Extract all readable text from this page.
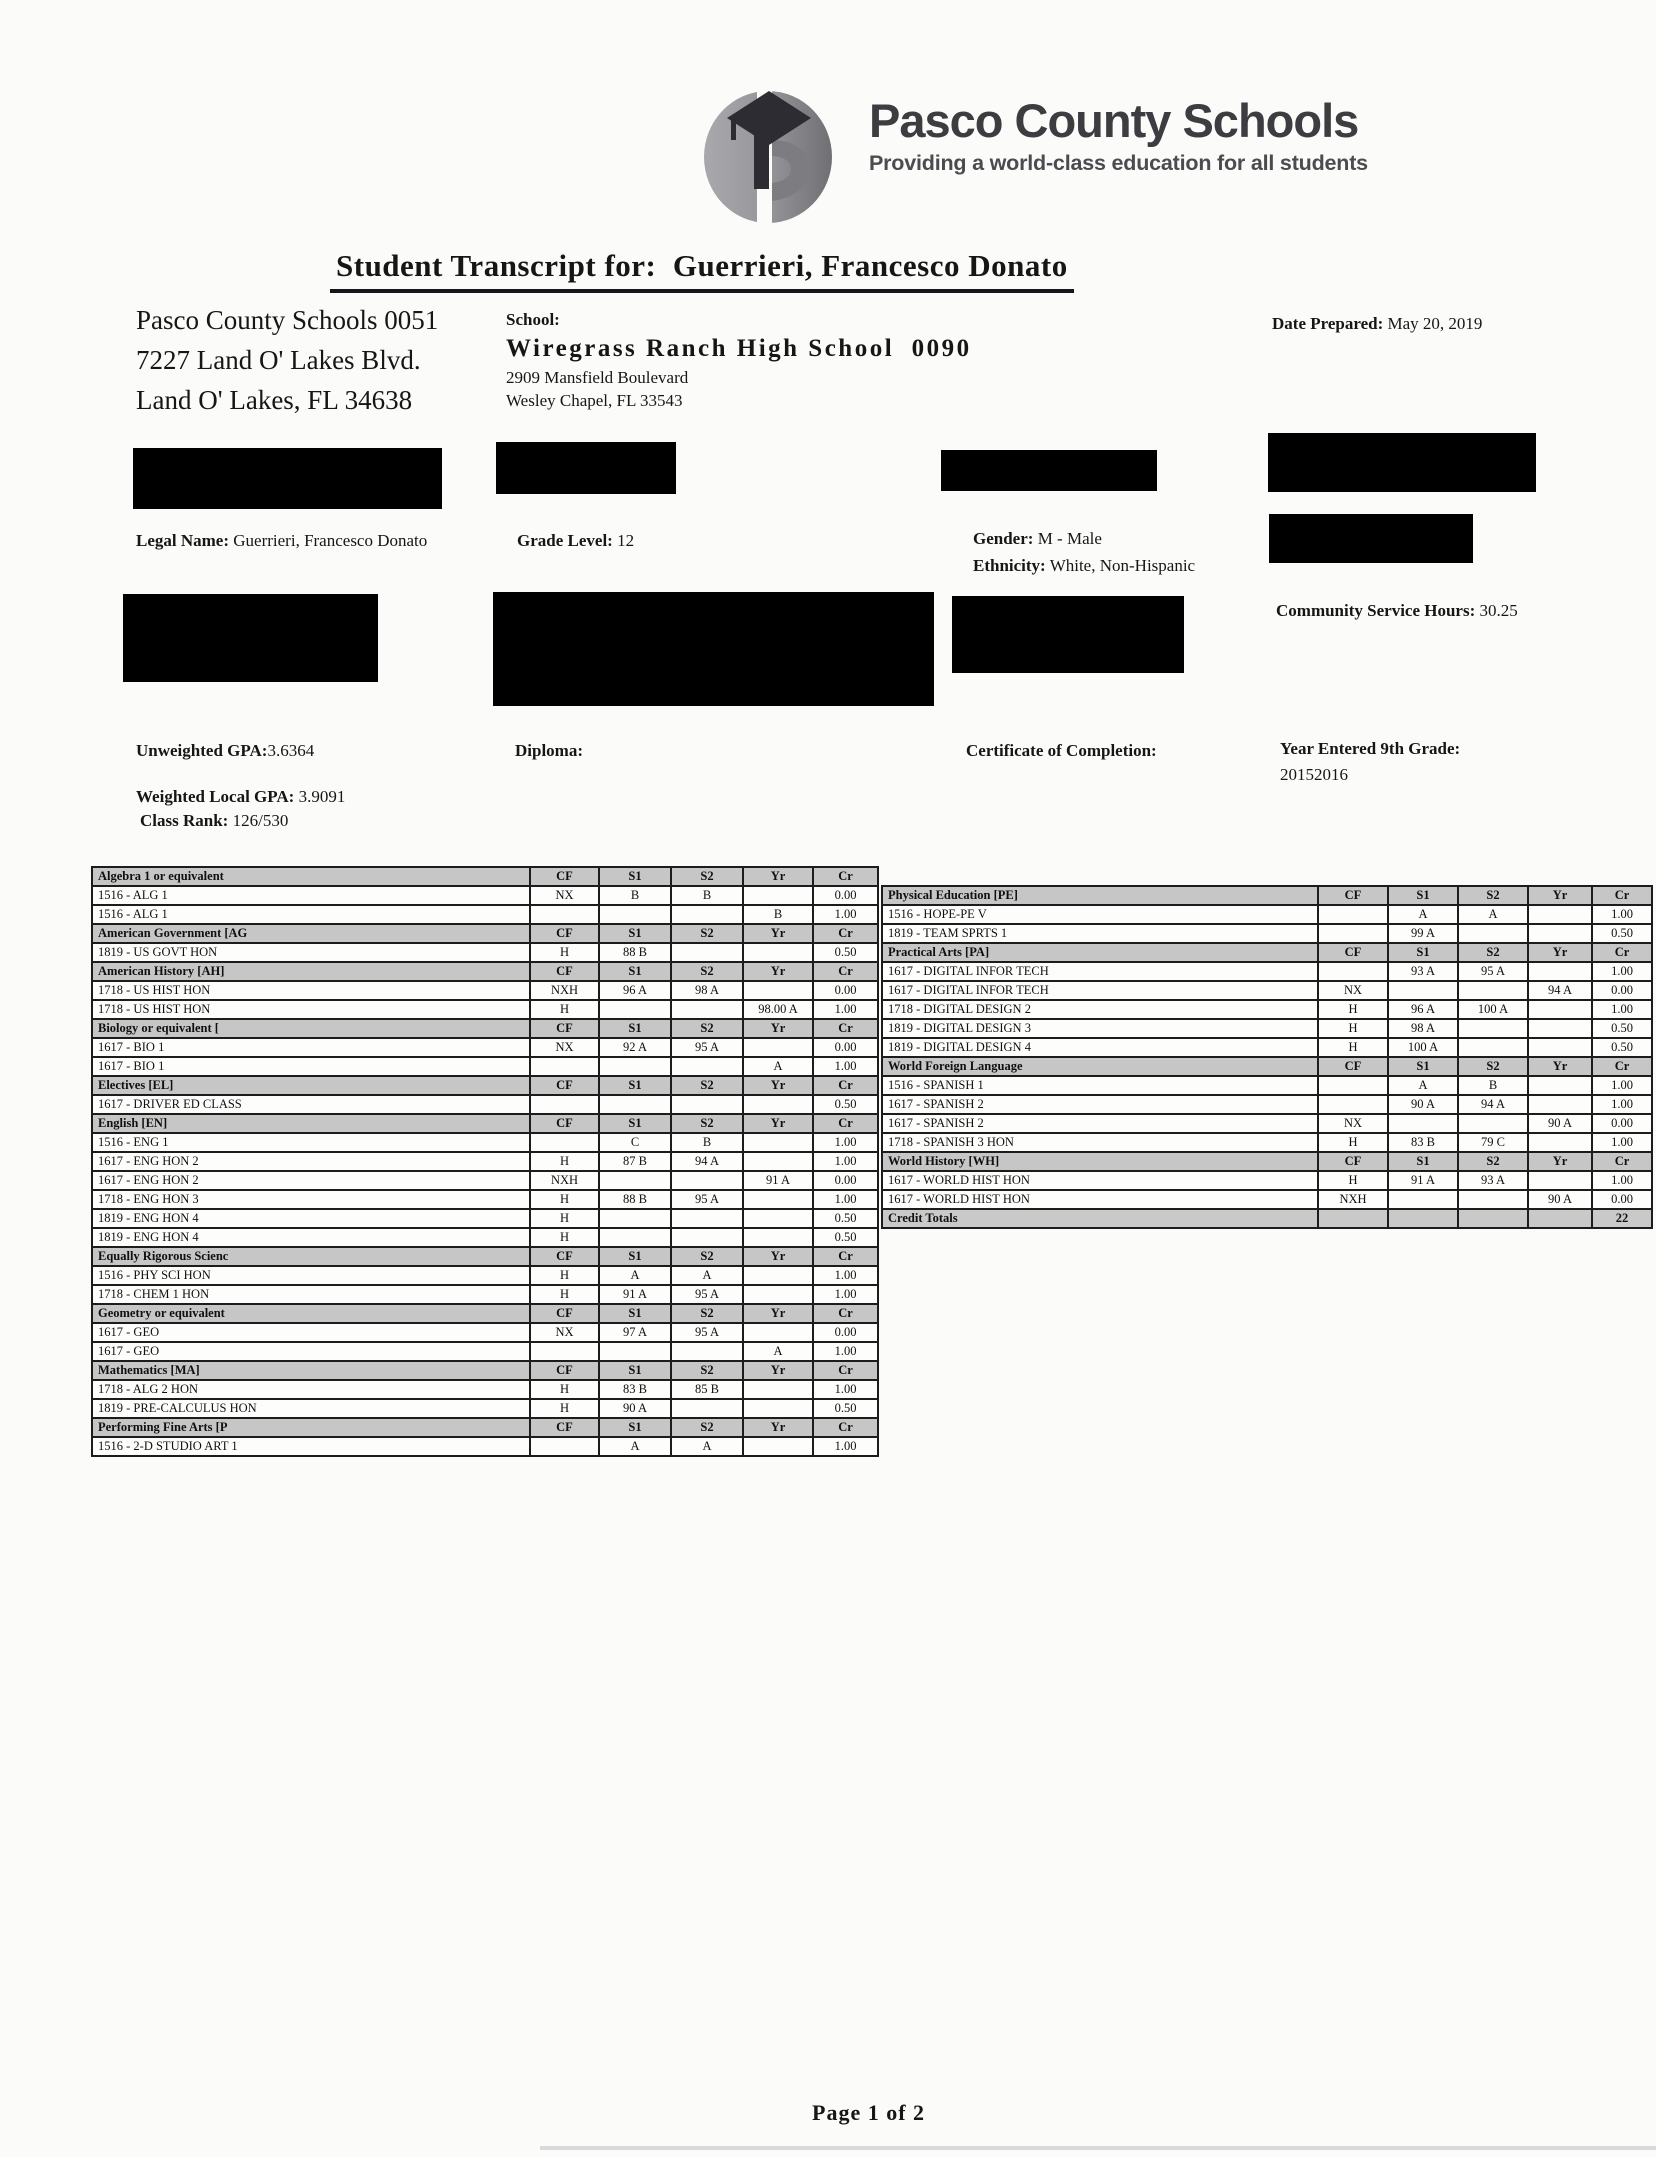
Pasco County Schools
Providing a world-class education for all students
Student Transcript for:  Guerrieri, Francesco Donato
Pasco County Schools 0051
7227 Land O' Lakes Blvd.
Land O' Lakes, FL 34638
School:
Wiregrass Ranch High School  0090
2909 Mansfield Boulevard
Wesley Chapel, FL 33543
Date Prepared: May 20, 2019
Legal Name: Guerrieri, Francesco Donato	Grade Level: 12	Gender: M - Male
Ethnicity: White, Non-Hispanic
Community Service Hours: 30.25
Unweighted GPA:3.6364	Diploma:	Certificate of Completion:	Year Entered 9th Grade:
20152016
Weighted Local GPA: 3.9091
Class Rank: 126/530
Algebra 1 or equivalent	CF	S1	S2	Yr	Cr
1516 - ALG 1	NX	B	B		0.00
1516 - ALG 1				B	1.00
American Government [AG	CF	S1	S2	Yr	Cr
1819 - US GOVT HON	H	88 B			0.50
American History [AH]	CF	S1	S2	Yr	Cr
1718 - US HIST HON	NXH	96 A	98 A		0.00
1718 - US HIST HON	H			98.00 A	1.00
Biology or equivalent [	CF	S1	S2	Yr	Cr
1617 - BIO 1	NX	92 A	95 A		0.00
1617 - BIO 1				A	1.00
Electives [EL]	CF	S1	S2	Yr	Cr
1617 - DRIVER ED CLASS					0.50
English [EN]	CF	S1	S2	Yr	Cr
1516 - ENG 1		C	B		1.00
1617 - ENG HON 2	H	87 B	94 A		1.00
1617 - ENG HON 2	NXH			91 A	0.00
1718 - ENG HON 3	H	88 B	95 A		1.00
1819 - ENG HON 4	H				0.50
1819 - ENG HON 4	H				0.50
Equally Rigorous Scienc	CF	S1	S2	Yr	Cr
1516 - PHY SCI HON	H	A	A		1.00
1718 - CHEM 1 HON	H	91 A	95 A		1.00
Geometry or equivalent	CF	S1	S2	Yr	Cr
1617 - GEO	NX	97 A	95 A		0.00
1617 - GEO				A	1.00
Mathematics [MA]	CF	S1	S2	Yr	Cr
1718 - ALG 2 HON	H	83 B	85 B		1.00
1819 - PRE-CALCULUS HON	H	90 A			0.50
Performing Fine Arts [P	CF	S1	S2	Yr	Cr
1516 - 2-D STUDIO ART 1		A	A		1.00
Physical Education [PE]	CF	S1	S2	Yr	Cr
1516 - HOPE-PE V		A	A		1.00
1819 - TEAM SPRTS 1		99 A			0.50
Practical Arts [PA]	CF	S1	S2	Yr	Cr
1617 - DIGITAL INFOR TECH		93 A	95 A		1.00
1617 - DIGITAL INFOR TECH	NX			94 A	0.00
1718 - DIGITAL DESIGN 2	H	96 A	100 A		1.00
1819 - DIGITAL DESIGN 3	H	98 A			0.50
1819 - DIGITAL DESIGN 4	H	100 A			0.50
World Foreign Language	CF	S1	S2	Yr	Cr
1516 - SPANISH 1		A	B		1.00
1617 - SPANISH 2		90 A	94 A		1.00
1617 - SPANISH 2	NX			90 A	0.00
1718 - SPANISH 3 HON	H	83 B	79 C		1.00
World History [WH]	CF	S1	S2	Yr	Cr
1617 - WORLD HIST HON	H	91 A	93 A		1.00
1617 - WORLD HIST HON	NXH			90 A	0.00
Credit Totals					22
Page 1 of 2
